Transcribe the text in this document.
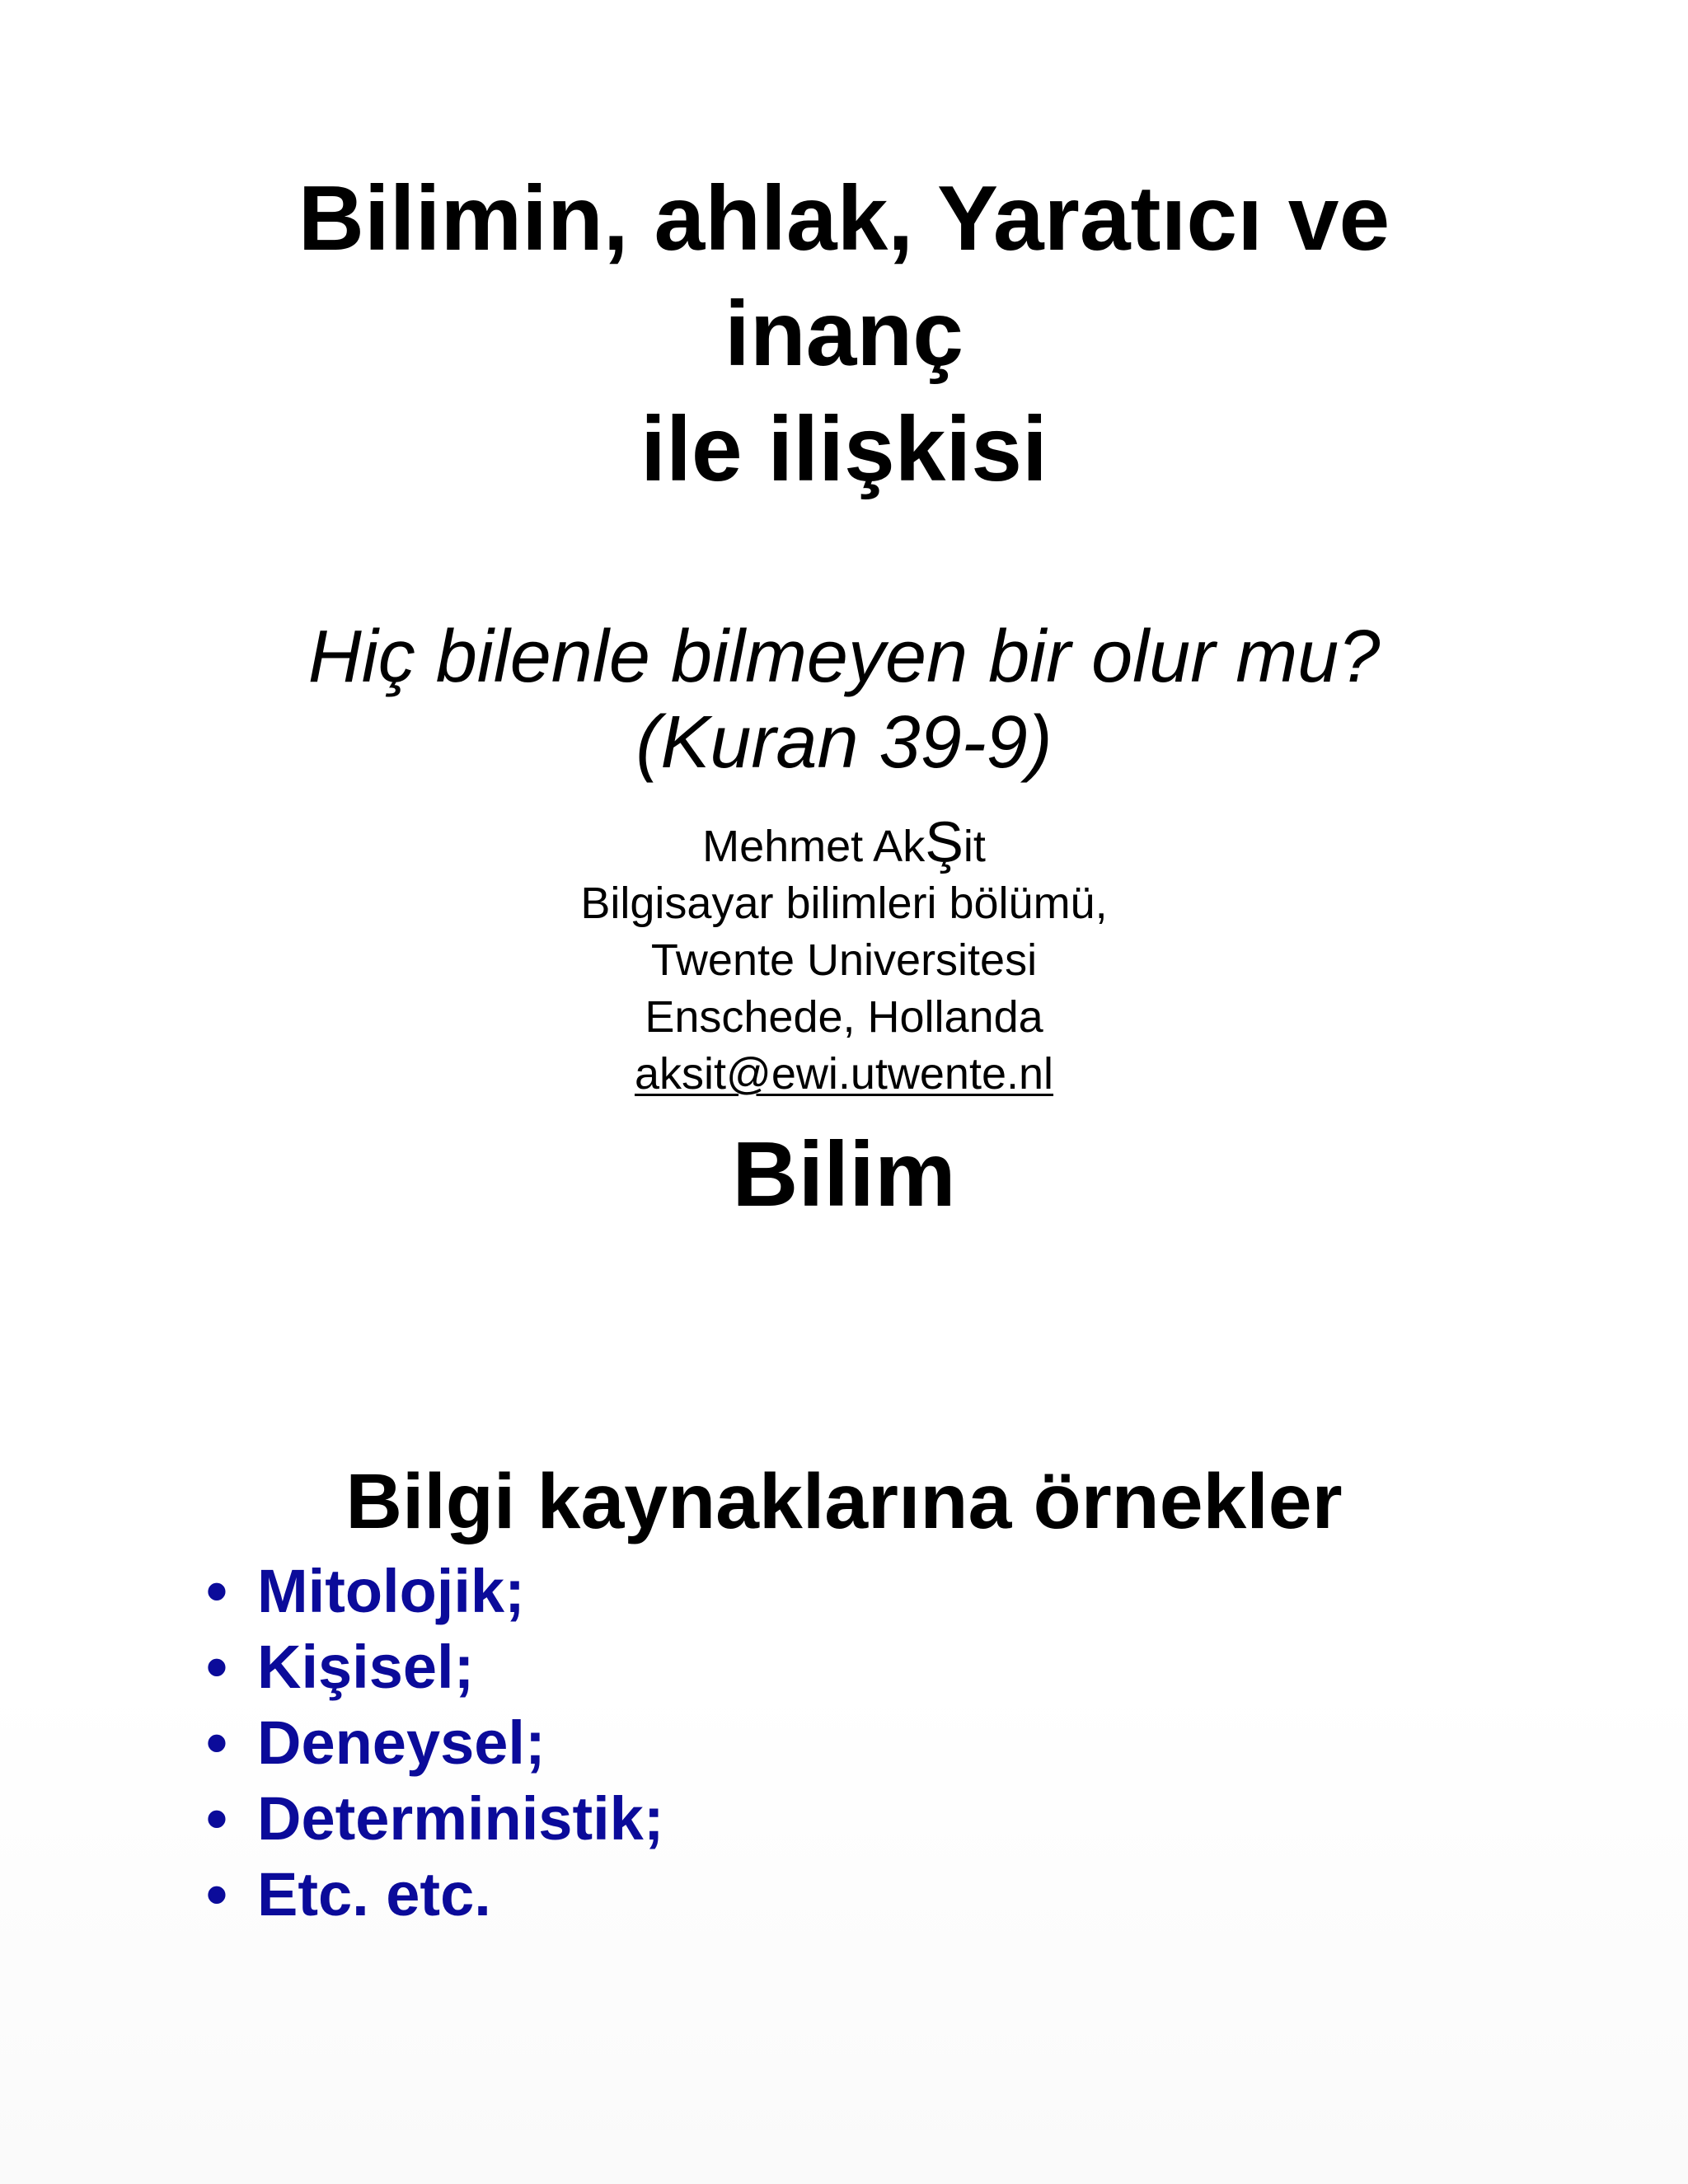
Bilimin, ahlak, Yaratıcı ve
inanç
ile ilişkisi

Hiç bilenle bilmeyen bir olur mu?
(Kuran 39-9)

Mehmet AkŞit
Bilgisayar bilimleri bölümü,
Twente Universitesi
Enschede, Hollanda
aksit@ewi.utwente.nl
Bilim
Bilgi kaynaklarına örnekler
• Mitolojik;
• Kişisel;
• Deneysel;
• Deterministik;
• Etc. etc.
